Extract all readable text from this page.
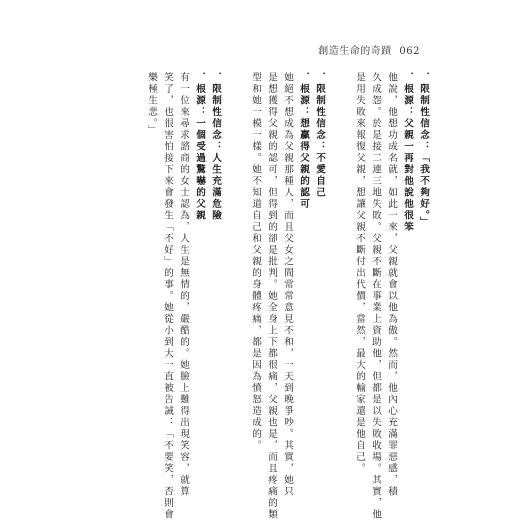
創造生命的奇蹟 062
．限制性信念：「我不夠好。」
．根源：父親一再對他說他很笨
他說，他想功成名就，如此一來，父親就會以他為傲。然而，他內心充滿罪惡感，積
久成怨。於是接二連三地失敗。父親不斷在事業上資助他，但都是以失敗收場。其實，他
是用失敗來報復父親，想讓父親不斷付出代價，當然，最大的輸家還是他自己。
．限制性信念：不愛自己
．根源：想贏得父親的認可
她絕不想成為父親那種人，而且父女之間常常意見不和，一天到晚爭吵。其實，她只
是想獲得父親的認可，但得到的卻是批判。她全身上下都很痛，父親也是，而且疼痛的類
型和她一模一樣。她不知道自己和父親的身體疼痛，都是因為憤怒造成的。
．限制性信念：人生充滿危險
．根源：一個受過驚嚇的父親
有一位來尋求諮商的女士認為，人生是無情的，嚴酷的。她臉上難得出現笑容，就算
笑了，也很害怕接下來會發生「不好」的事。她從小到大一直被告誡：「不要笑，否則會
樂極生悲。」
